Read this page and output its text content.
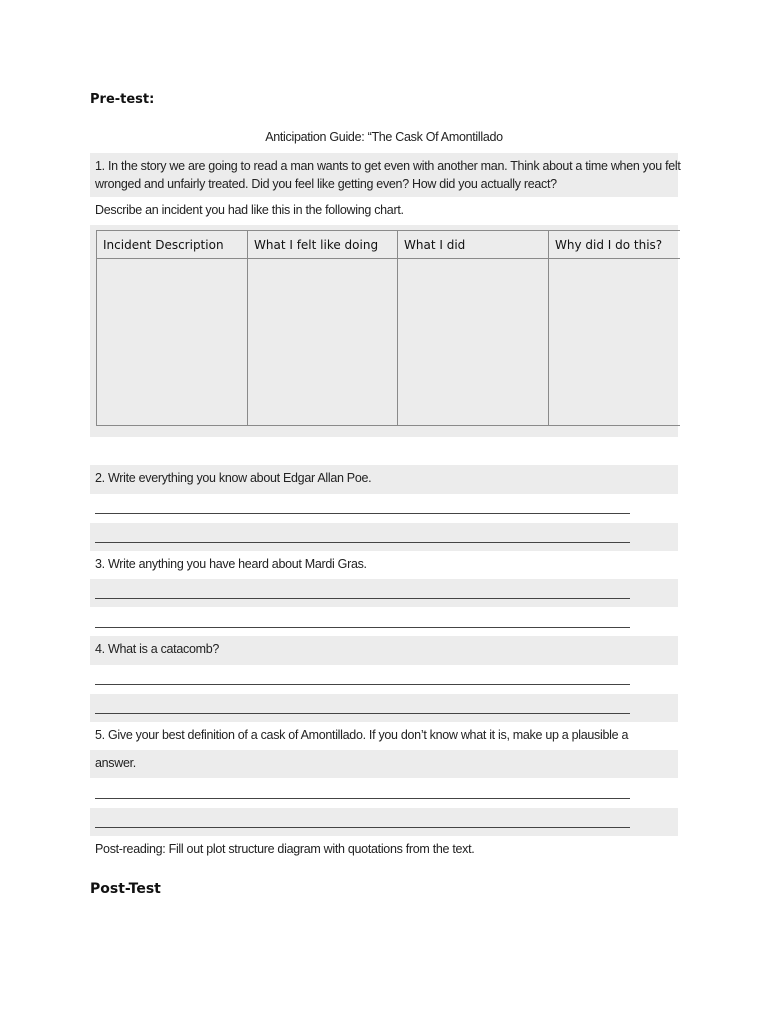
Pre-test:
Anticipation Guide: “The Cask Of Amontillado
1. In the story we are going to read a man wants to get even with another man. Think about a time when you felt
wronged and unfairly treated. Did you feel like getting even? How did you actually react?
Describe an incident you had like this in the following chart.
Incident Description	What I felt like doing	What I did	Why did I do this?

2. Write everything you know about Edgar Allan Poe.
3. Write anything you have heard about Mardi Gras.
4. What is a catacomb?
5. Give your best definition of a cask of Amontillado. If you don’t know what it is, make up a plausible a
answer.
Post-reading: Fill out plot structure diagram with quotations from the text.
Post-Test
